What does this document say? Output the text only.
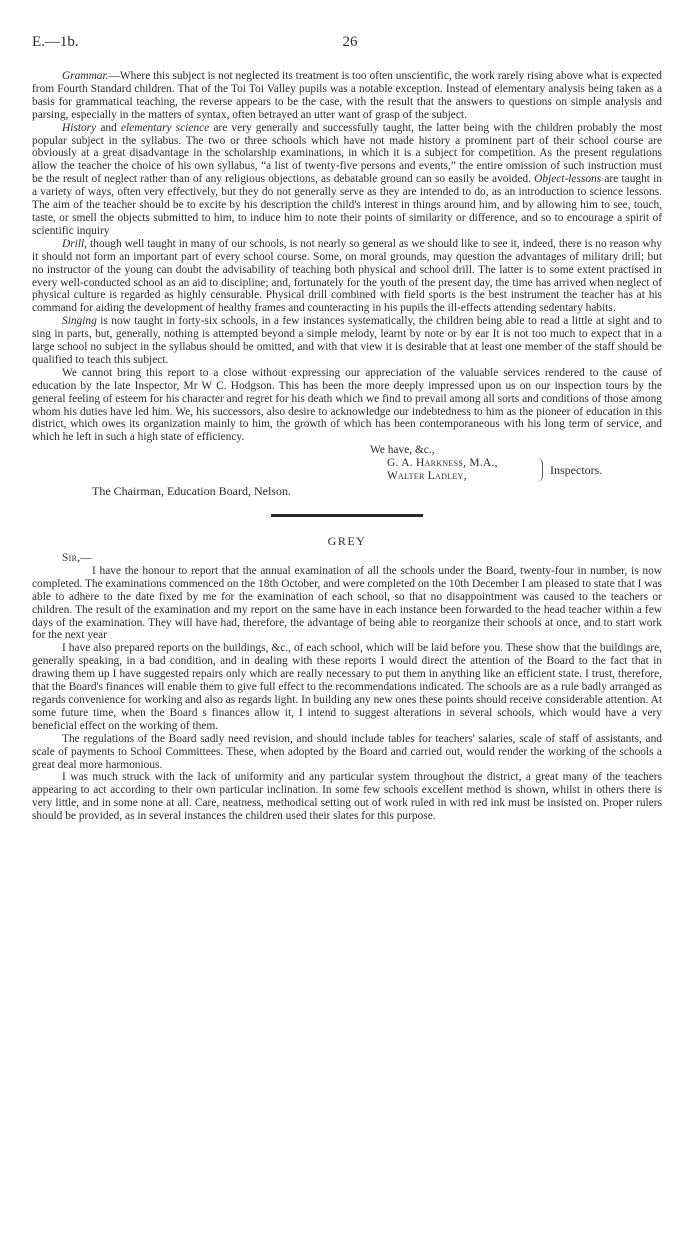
E.—1b.	26

Grammar.—Where this subject is not neglected its treatment is too often unscientific, the work rarely rising above what is expected from Fourth Standard children. That of the Toi Toi Valley pupils was a notable exception. Instead of elementary analysis being taken as a basis for grammatical teaching, the reverse appears to be the case, with the result that the answers to questions on simple analysis and parsing, especially in the matters of syntax, often betrayed an utter want of grasp of the subject.

History and elementary science are very generally and successfully taught, the latter being with the children probably the most popular subject in the syllabus. The two or three schools which have not made history a prominent part of their school course are obviously at a great disadvantage in the scholarship examinations, in which it is a subject for competition. As the present regulations allow the teacher the choice of his own syllabus, “a list of twenty-five persons and events,” the entire omission of such instruction must be the result of neglect rather than of any religious objections, as debatable ground can so easily be avoided. Object-lessons are taught in a variety of ways, often very effectively, but they do not generally serve as they are intended to do, as an introduction to science lessons. The aim of the teacher should be to excite by his description the child's interest in things around him, and by allowing him to see, touch, taste, or smell the objects submitted to him, to induce him to note their points of similarity or difference, and so to encourage a spirit of scientific inquiry

Drill, though well taught in many of our schools, is not nearly so general as we should like to see it, indeed, there is no reason why it should not form an important part of every school course. Some, on moral grounds, may question the advantages of military drill; but no instructor of the young can doubt the advisability of teaching both physical and school drill. The latter is to some extent practised in every well-conducted school as an aid to discipline; and, fortunately for the youth of the present day, the time has arrived when neglect of physical culture is regarded as highly censurable. Physical drill combined with field sports is the best instrument the teacher has at his command for aiding the development of healthy frames and counteracting in his pupils the ill-effects attending sedentary habits.

Singing is now taught in forty-six schools, in a few instances systematically, the children being able to read a little at sight and to sing in parts, but, generally, nothing is attempted beyond a simple melody, learnt by note or by ear It is not too much to expect that in a large school no subject in the syllabus should be omitted, and with that view it is desirable that at least one member of the staff should be qualified to teach this subject.

We cannot bring this report to a close without expressing our appreciation of the valuable services rendered to the cause of education by the late Inspector, Mr W C. Hodgson. This has been the more deeply impressed upon us on our inspection tours by the general feeling of esteem for his character and regret for his death which we find to prevail among all sorts and conditions of those among whom his duties have led him. We, his successors, also desire to acknowledge our indebtedness to him as the pioneer of education in this district, which owes its organization mainly to him, the growth of which has been contemporaneous with his long term of service, and which he left in such a high state of efficiency.

We have, &c.,

G. A. Harkness, M.A.,
Walter Ladley,	Inspectors.

The Chairman, Education Board, Nelson.

GREY

Sir,—

I have the honour to report that the annual examination of all the schools under the Board, twenty-four in number, is now completed. The examinations commenced on the 18th October, and were completed on the 10th December I am pleased to state that I was able to adhere to the date fixed by me for the examination of each school, so that no disappointment was caused to the teachers or children. The result of the examination and my report on the same have in each instance been forwarded to the head teacher within a few days of the examination. They will have had, therefore, the advantage of being able to reorganize their schools at once, and to start work for the next year

I have also prepared reports on the buildings, &c., of each school, which will be laid before you. These show that the buildings are, generally speaking, in a bad condition, and in dealing with these reports I would direct the attention of the Board to the fact that in drawing them up I have suggested repairs only which are really necessary to put them in anything like an efficient state. I trust, therefore, that the Board's finances will enable them to give full effect to the recommendations indicated. The schools are as a rule badly arranged as regards convenience for working and also as regards light. In building any new ones these points should receive considerable attention. At some future time, when the Board s finances allow it, I intend to suggest alterations in several schools, which would have a very beneficial effect on the working of them.

The regulations of the Board sadly need revision, and should include tables for teachers' salaries, scale of staff of assistants, and scale of payments to School Committees. These, when adopted by the Board and carried out, would render the working of the schools a great deal more harmonious.

I was much struck with the lack of uniformity and any particular system throughout the district, a great many of the teachers appearing to act according to their own particular inclination. In some few schools excellent method is shown, whilst in others there is very little, and in some none at all. Care, neatness, methodical setting out of work ruled in with red ink must be insisted on. Proper rulers should be provided, as in several instances the children used their slates for this purpose.
